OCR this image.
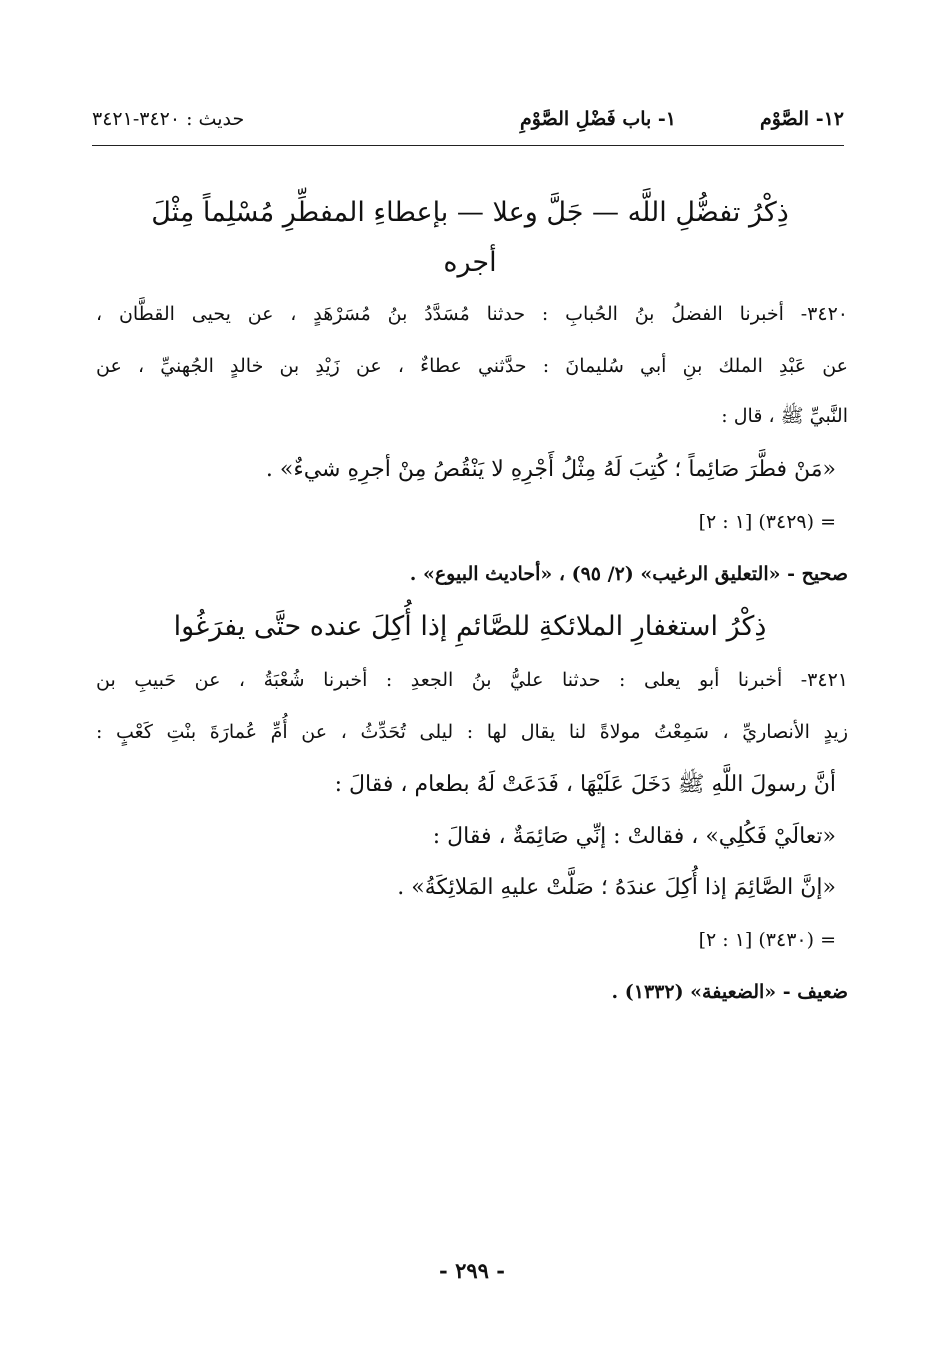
١٢- الصَّوْم
١- باب فَضْلِ الصَّوْمِ
حديث : ٣٤٢٠-٣٤٢١
ذِكْرُ تفضُّلِ اللَّه — جَلَّ وعلا — بإعطاءِ المفطِّرِ مُسْلِماً مِثْلَ
أجره
٣٤٢٠- أخبرنا الفضلُ بنُ الحُبابِ : حدثنا مُسَدَّدُ بنُ مُسَرْهَدٍ ، عن يحيى القطَّان ،
عن عَبْدِ الملك بنِ أبي سُليمانَ : حدَّثني عطاءٌ ، عن زَيْدِ بن خالدٍ الجُهنيِّ ، عن
النَّبيِّ ﷺ ، قال :
«مَنْ فطَّرَ صَائِماً ؛ كُتِبَ لَهُ مِثْلُ أَجْرِهِ لا يَنْقُصُ مِنْ أجرِهِ شيءٌ» .
= (٣٤٢٩) [١ : ٢]
صحيح - «التعليق الرغيب» (٢/ ٩٥) ، «أحاديث البيوع» .
ذِكْرُ استغفارِ الملائكةِ للصَّائمِ إذا أُكِلَ عنده حتَّى يفرَغُوا
٣٤٢١- أخبرنا أبو يعلى : حدثنا عليُّ بنُ الجعدِ : أخبرنا شُعْبَةُ ، عن حَبيبِ بن
زيدٍ الأنصاريِّ ، سَمِعْتُ مولاةً لنا يقال لها : ليلى تُحَدِّثُ ، عن أُمِّ عُمارَةَ بنْتِ كَعْبٍ :
أنَّ رسولَ اللَّهِ ﷺ دَخَلَ عَلَيْهَا ، فَدَعَتْ لَهُ بطعام ، فقالَ :
«تعالَيْ فَكُلِي» ، فقالتْ : إنِّي صَائِمَةٌ ، فقالَ :
«إنَّ الصَّائِمَ إذا أُكِلَ عندَهُ ؛ صَلَّتْ عليهِ المَلائِكَةُ» .
= (٣٤٣٠) [١ : ٢]
ضعيف - «الضعيفة» (١٣٣٢) .
- ٢٩٩ -
